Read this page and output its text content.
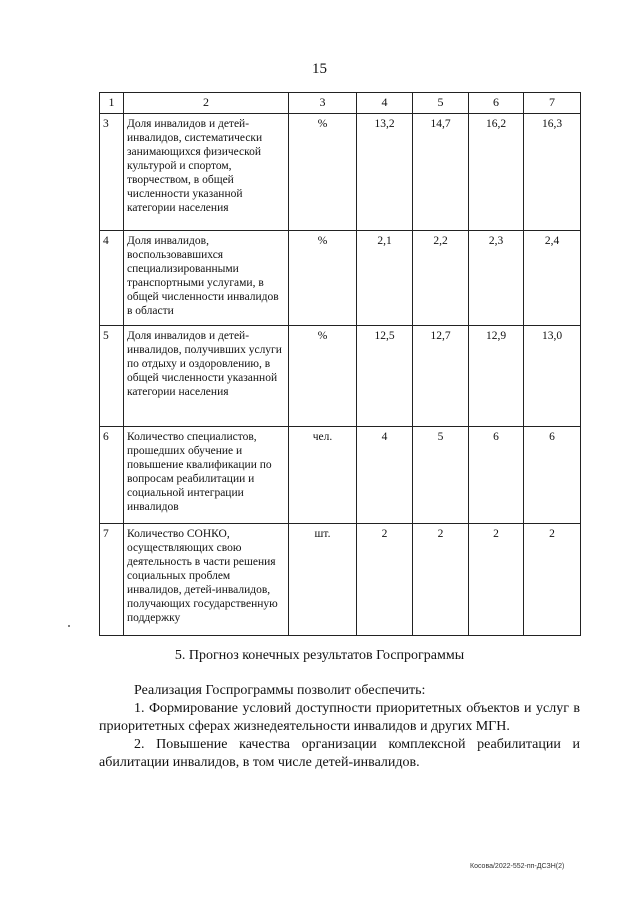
15
1	2	3	4	5	6	7
3	Доля инвалидов и детей-инвалидов, систематически занимающихся физической культурой и спортом, творчеством, в общей численности указанной категории населения	%	13,2	14,7	16,2	16,3
4	Доля инвалидов, воспользовавшихся специализированными транспортными услугами, в общей численности инвалидов в области	%	2,1	2,2	2,3	2,4
5	Доля инвалидов и детей-инвалидов, получивших услуги по отдыху и оздоровлению, в общей численности указанной категории населения	%	12,5	12,7	12,9	13,0
6	Количество специалистов, прошедших обучение и повышение квалификации по вопросам реабилитации и социальной интеграции инвалидов	чел.	4	5	6	6
7	Количество СОНКО, осуществляющих свою деятельность в части решения социальных проблем инвалидов, детей-инвалидов, получающих государственную поддержку	шт.	2	2	2	2
5. Прогноз конечных результатов Госпрограммы
Реализация Госпрограммы позволит обеспечить:
1. Формирование условий доступности приоритетных объектов и услуг в приоритетных сферах жизнедеятельности инвалидов и других МГН.
2. Повышение качества организации комплексной реабилитации и абилитации инвалидов, в том числе детей-инвалидов.
Косова/2022-552-пп-ДСЗН(2)
